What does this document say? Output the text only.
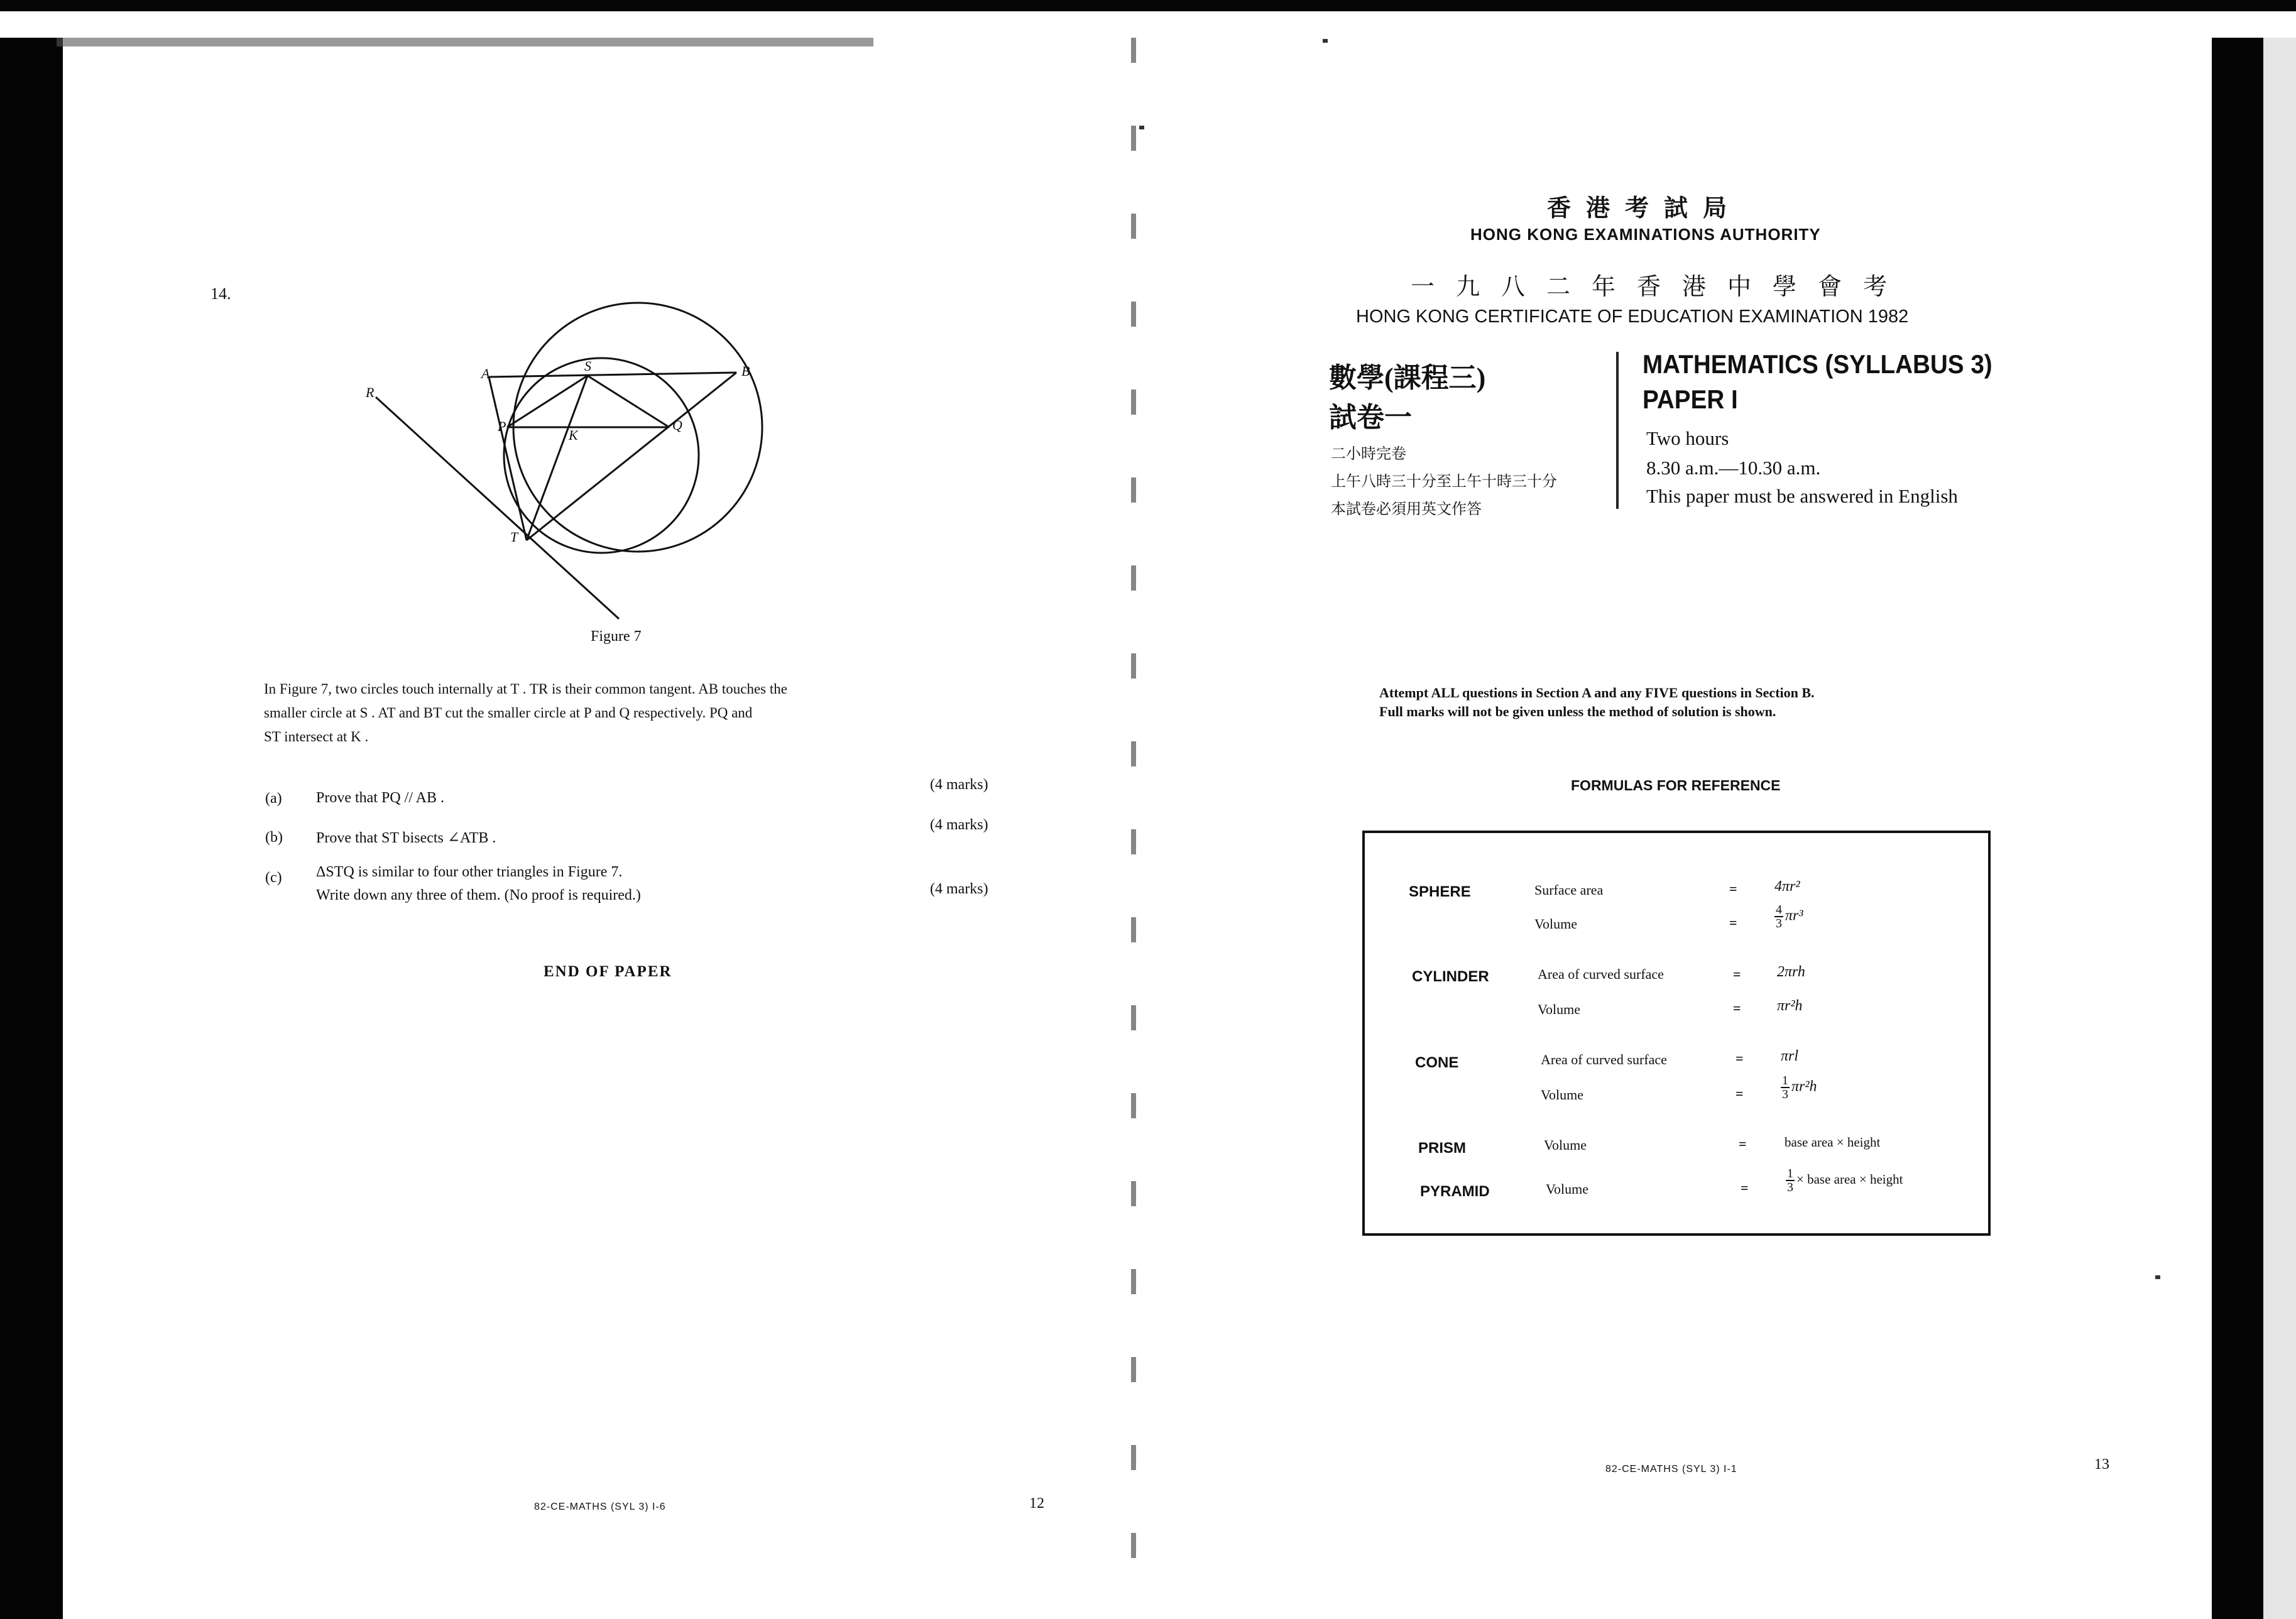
14.
R
A	S	B
P
K
Q
T
Figure 7
In Figure 7, two circles touch internally at T . TR is their common tangent. AB touches the
smaller circle at S . AT and BT cut the smaller circle at P and Q respectively. PQ and
ST intersect at K .
(a) Prove that PQ // AB .
(4 marks)
(b) Prove that ST bisects ∠ATB .
(4 marks)
(c) ΔSTQ is similar to four other triangles in Figure 7.
Write down any three of them. (No proof is required.)	(4 marks)
END OF PAPER
82-CE-MATHS (SYL 3) I-6	12
香港考試局
HONG KONG EXAMINATIONS AUTHORITY
一九八二年香港中學會考
HONG KONG CERTIFICATE OF EDUCATION EXAMINATION 1982
數學(課程三)
試卷一
二小時完卷
上午八時三十分至上午十時三十分
本試卷必須用英文作答
MATHEMATICS (SYLLABUS 3)
PAPER I
Two hours
8.30 a.m.—10.30 a.m.
This paper must be answered in English
Attempt ALL questions in Section A and any FIVE questions in Section B.
Full marks will not be given unless the method of solution is shown.
FORMULAS FOR REFERENCE
SPHERE	Surface area	= 4πr²
Volume	=	$\frac{4}{3} \pi r^3$
CYLINDER	Area of curved surface	= 2πrh
Volume	= πr²h
CONE	Area of curved surface	= πrl
Volume	=	$\frac{1}{3} \pi r^2h$
PRISM	Volume	=	base area × height
PYRAMID	Volume	=	$\frac{1}{3}$ × base area × height
82-CE-MATHS (SYL 3) I-1	13
